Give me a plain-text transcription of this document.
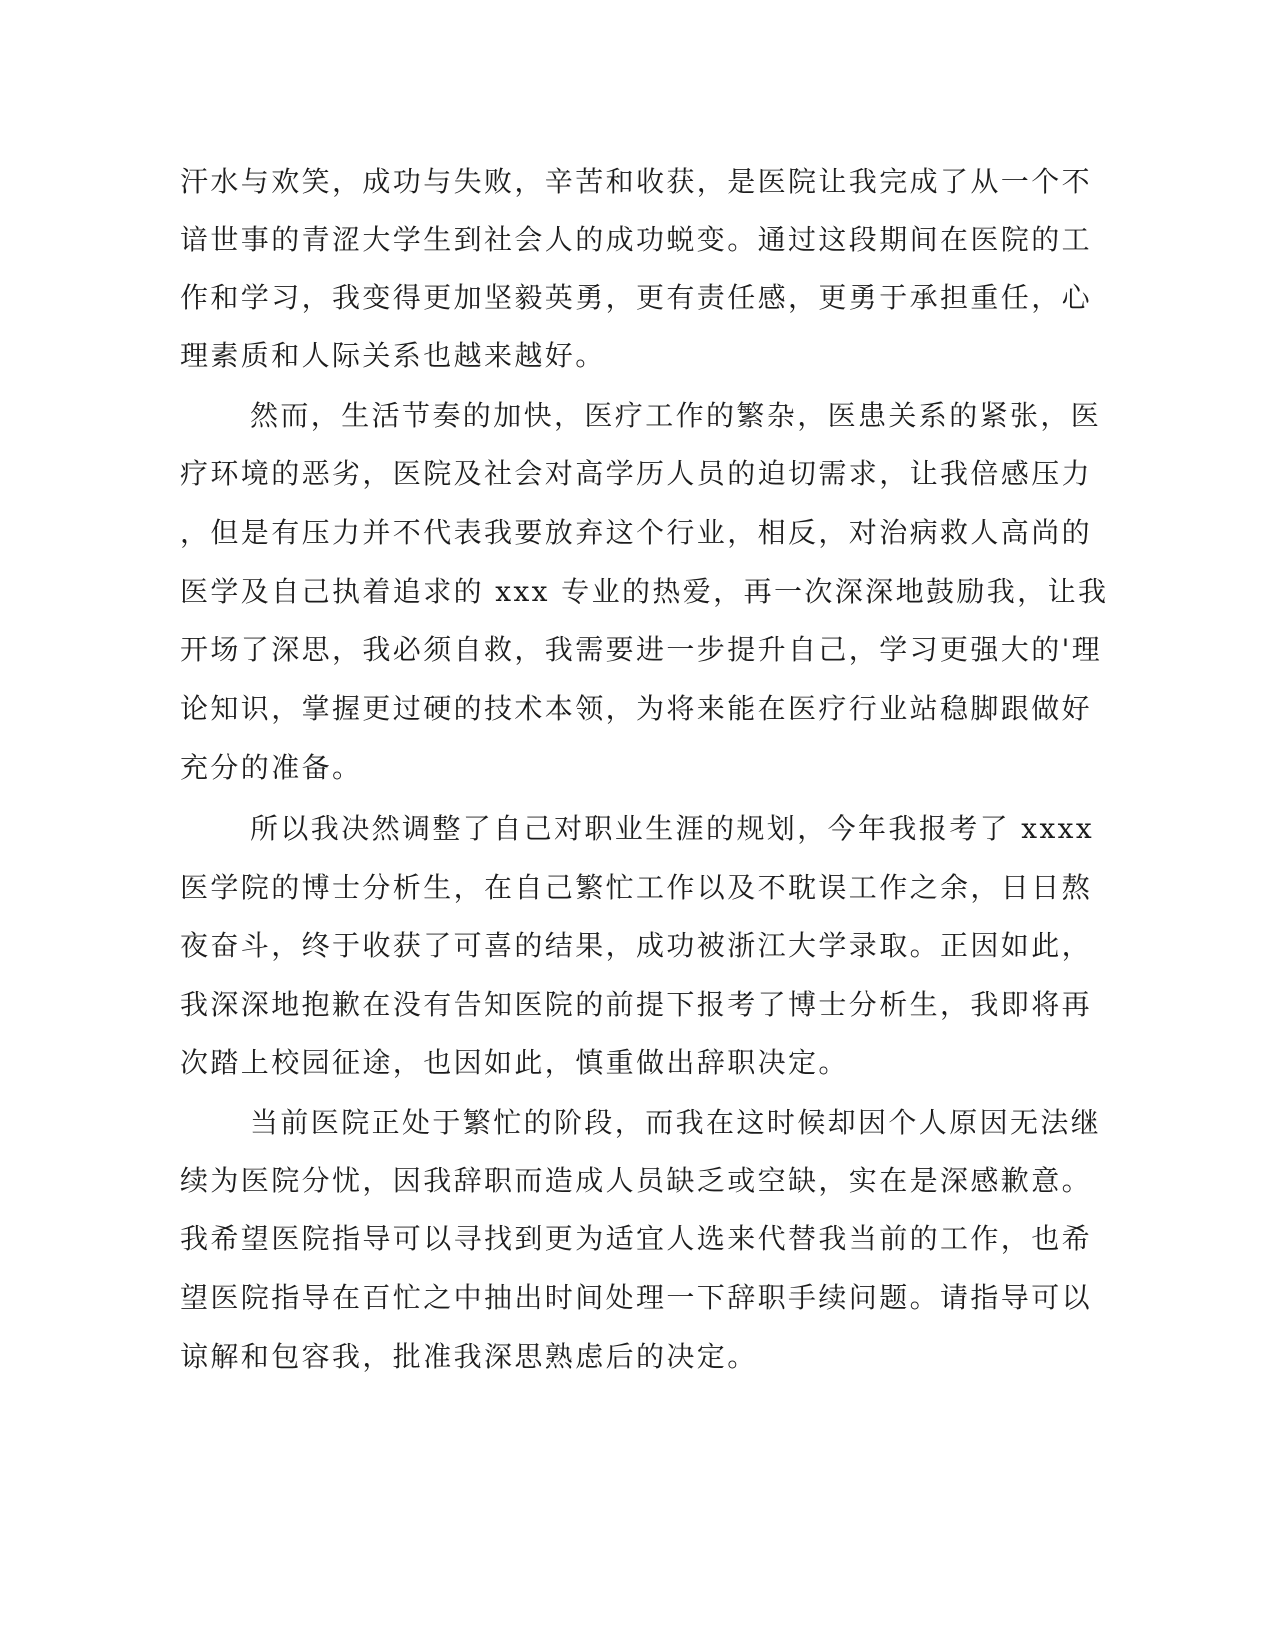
汗水与欢笑，成功与失败，辛苦和收获，是医院让我完成了从一个不
谙世事的青涩大学生到社会人的成功蜕变。通过这段期间在医院的工
作和学习，我变得更加坚毅英勇，更有责任感，更勇于承担重任，心
理素质和人际关系也越来越好。
然而，生活节奏的加快，医疗工作的繁杂，医患关系的紧张，医
疗环境的恶劣，医院及社会对高学历人员的迫切需求，让我倍感压力
，但是有压力并不代表我要放弃这个行业，相反，对治病救人高尚的
医学及自己执着追求的 xxx 专业的热爱，再一次深深地鼓励我，让我
开场了深思，我必须自救，我需要进一步提升自己，学习更强大的'理
论知识，掌握更过硬的技术本领，为将来能在医疗行业站稳脚跟做好
充分的准备。
所以我决然调整了自己对职业生涯的规划，今年我报考了 xxxx
医学院的博士分析生，在自己繁忙工作以及不耽误工作之余，日日熬
夜奋斗，终于收获了可喜的结果，成功被浙江大学录取。正因如此，
我深深地抱歉在没有告知医院的前提下报考了博士分析生，我即将再
次踏上校园征途，也因如此，慎重做出辞职决定。
当前医院正处于繁忙的阶段，而我在这时候却因个人原因无法继
续为医院分忧，因我辞职而造成人员缺乏或空缺，实在是深感歉意。
我希望医院指导可以寻找到更为适宜人选来代替我当前的工作，也希
望医院指导在百忙之中抽出时间处理一下辞职手续问题。请指导可以
谅解和包容我，批准我深思熟虑后的决定。
